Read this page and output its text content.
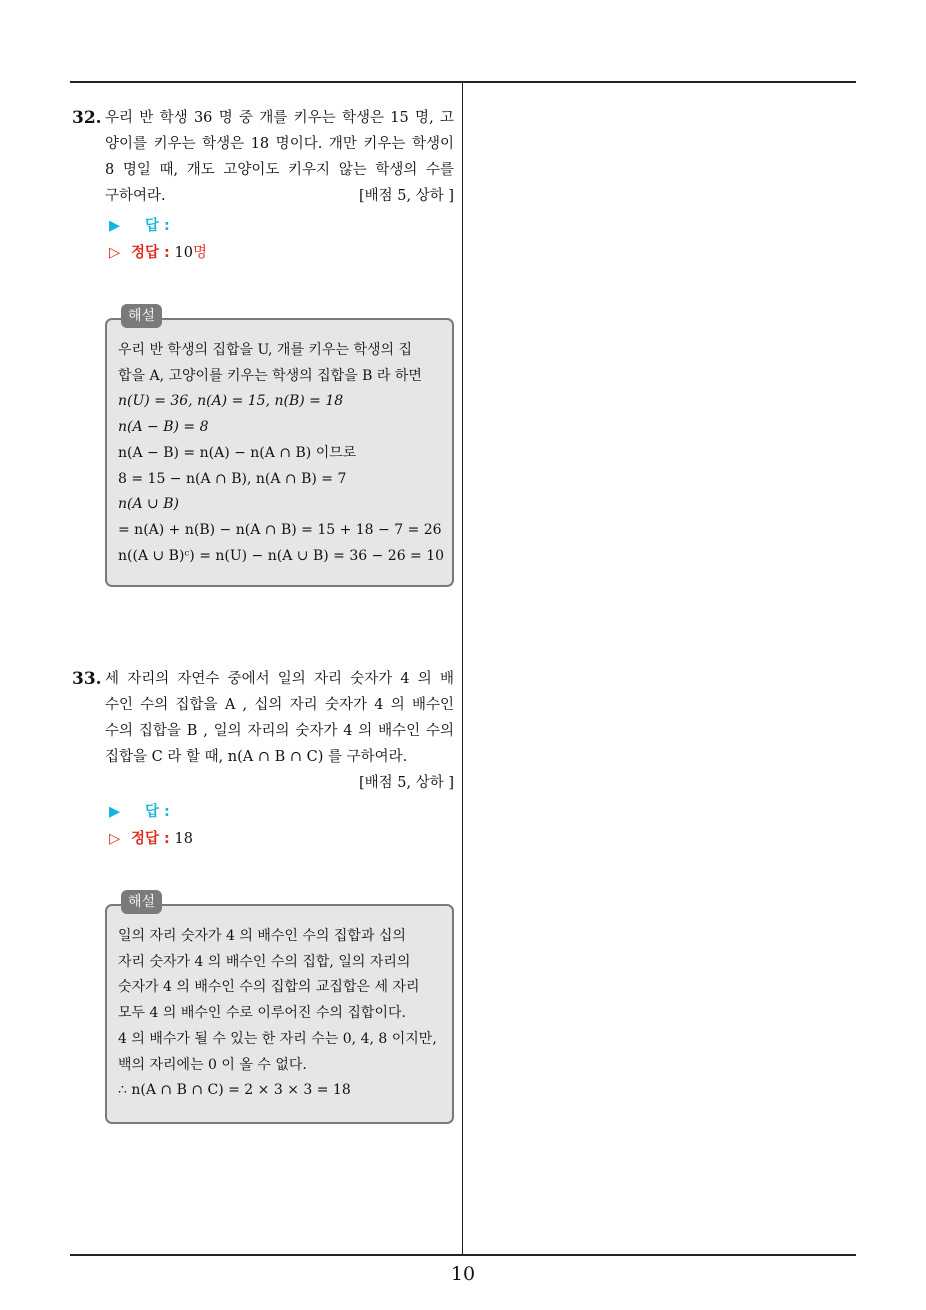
10
32. 우리 반 학생 36 명 중 개를 키우는 학생은 15 명, 고
양이를 키우는 학생은 18 명이다. 개만 키우는 학생이
8 명일 때, 개도 고양이도 키우지 않는 학생의 수를
구하여라.	[배점 5, 상하 ]
▶ 답 :
▷ 정답 : 10명
해설
우리 반 학생의 집합을 U, 개를 키우는 학생의 집
합을 A, 고양이를 키우는 학생의 집합을 B 라 하면
n(U) = 36, n(A) = 15, n(B) = 18
n(A − B) = 8
n(A − B) = n(A) − n(A ∩ B) 이므로
8 = 15 − n(A ∩ B), n(A ∩ B) = 7
n(A ∪ B)
= n(A) + n(B) − n(A ∩ B) = 15 + 18 − 7 = 26
n((A ∪ B)ᶜ) = n(U) − n(A ∪ B) = 36 − 26 = 10
33. 세 자리의 자연수 중에서 일의 자리 숫자가 4 의 배
수인 수의 집합을 A , 십의 자리 숫자가 4 의 배수인
수의 집합을 B , 일의 자리의 숫자가 4 의 배수인 수의
집합을 C 라 할 때, n(A ∩ B ∩ C) 를 구하여라.
[배점 5, 상하 ]
▶ 답 :
▷ 정답 : 18
해설
일의 자리 숫자가 4 의 배수인 수의 집합과 십의
자리 숫자가 4 의 배수인 수의 집합, 일의 자리의
숫자가 4 의 배수인 수의 집합의 교집합은 세 자리
모두 4 의 배수인 수로 이루어진 수의 집합이다.
4 의 배수가 될 수 있는 한 자리 수는 0, 4, 8 이지만,
백의 자리에는 0 이 올 수 없다.
∴ n(A ∩ B ∩ C) = 2 × 3 × 3 = 18
